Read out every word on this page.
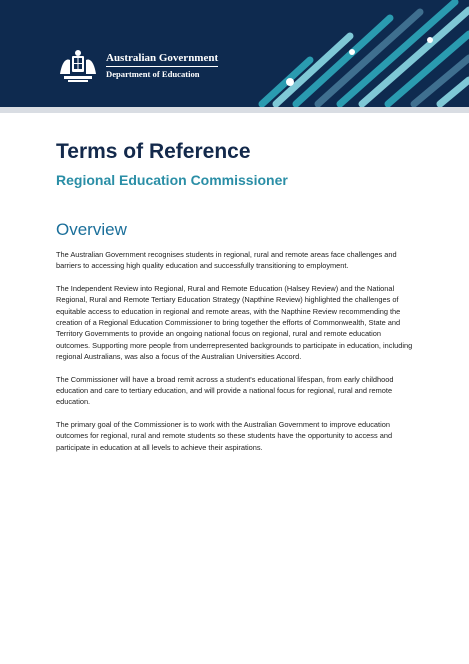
Australian Government
Department of Education
Terms of Reference
Regional Education Commissioner
Overview

The Australian Government recognises students in regional, rural and remote areas face challenges and barriers to accessing high quality education and successfully transitioning to employment.

The Independent Review into Regional, Rural and Remote Education (Halsey Review) and the National Regional, Rural and Remote Tertiary Education Strategy (Napthine Review) highlighted the challenges of equitable access to education in regional and remote areas, with the Napthine Review recommending the creation of a Regional Education Commissioner to bring together the efforts of Commonwealth, State and Territory Governments to provide an ongoing national focus on regional, rural and remote education outcomes. Supporting more people from underrepresented backgrounds to participate in education, including regional Australians, was also a focus of the Australian Universities Accord.

The Commissioner will have a broad remit across a student's educational lifespan, from early childhood education and care to tertiary education, and will provide a national focus for regional, rural and remote education.

The primary goal of the Commissioner is to work with the Australian Government to improve education outcomes for regional, rural and remote students so these students have the opportunity to access and participate in education at all levels to achieve their aspirations.
